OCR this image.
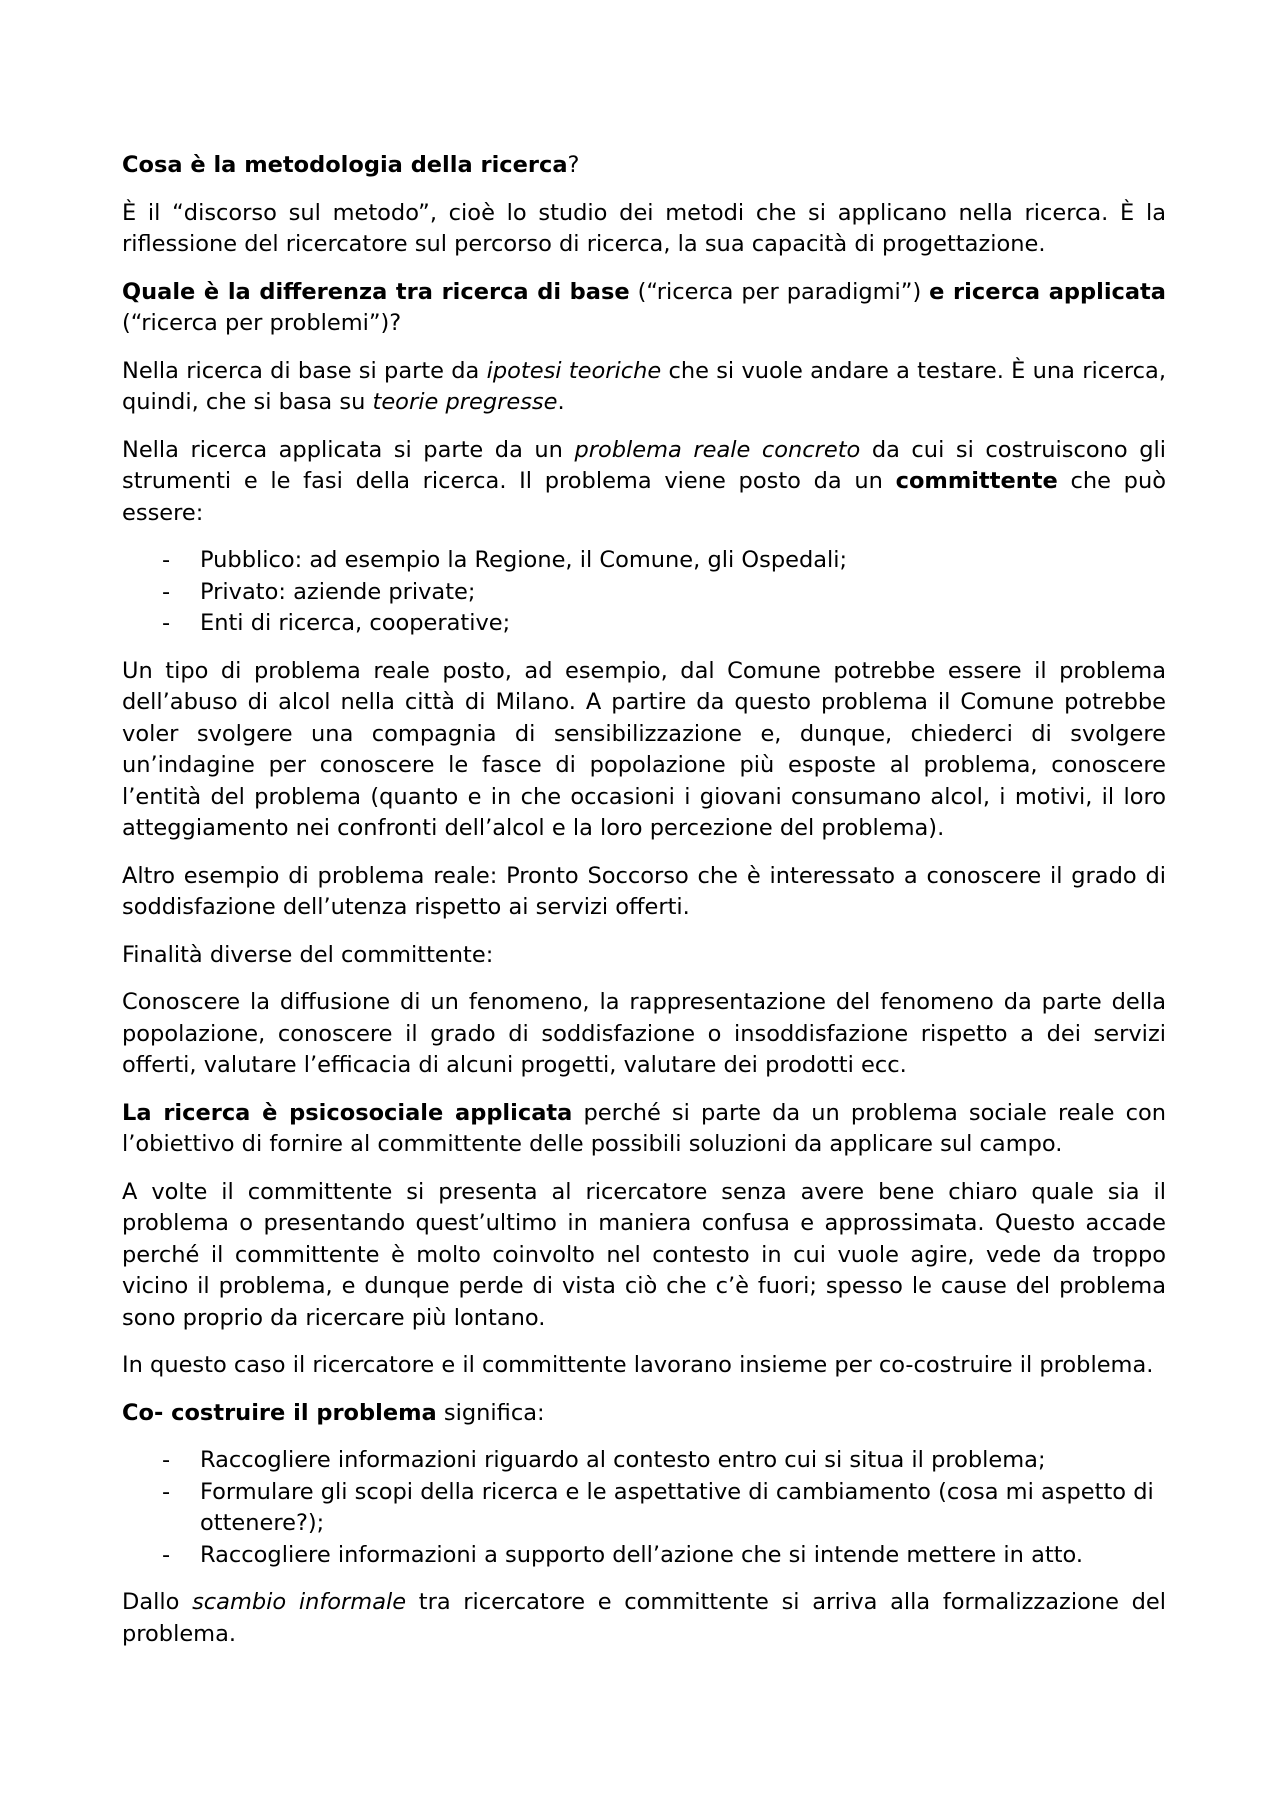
Cosa è la metodologia della ricerca?

È il “discorso sul metodo”, cioè lo studio dei metodi che si applicano nella ricerca. È la riflessione del ricercatore sul percorso di ricerca, la sua capacità di progettazione.

Quale è la differenza tra ricerca di base (“ricerca per paradigmi”) e ricerca applicata (“ricerca per problemi”)?

Nella ricerca di base si parte da ipotesi teoriche che si vuole andare a testare. È una ricerca, quindi, che si basa su teorie pregresse.

Nella ricerca applicata si parte da un problema reale concreto da cui si costruiscono gli strumenti e le fasi della ricerca. Il problema viene posto da un committente che può essere:

- Pubblico: ad esempio la Regione, il Comune, gli Ospedali;
- Privato: aziende private;
- Enti di ricerca, cooperative;

Un tipo di problema reale posto, ad esempio, dal Comune potrebbe essere il problema dell’abuso di alcol nella città di Milano. A partire da questo problema il Comune potrebbe voler svolgere una compagnia di sensibilizzazione e, dunque, chiederci di svolgere un’indagine per conoscere le fasce di popolazione più esposte al problema, conoscere l’entità del problema (quanto e in che occasioni i giovani consumano alcol, i motivi, il loro atteggiamento nei confronti dell’alcol e la loro percezione del problema).

Altro esempio di problema reale: Pronto Soccorso che è interessato a conoscere il grado di soddisfazione dell’utenza rispetto ai servizi offerti.

Finalità diverse del committente:

Conoscere la diffusione di un fenomeno, la rappresentazione del fenomeno da parte della popolazione, conoscere il grado di soddisfazione o insoddisfazione rispetto a dei servizi offerti, valutare l’efficacia di alcuni progetti, valutare dei prodotti ecc.

La ricerca è psicosociale applicata perché si parte da un problema sociale reale con l’obiettivo di fornire al committente delle possibili soluzioni da applicare sul campo.

A volte il committente si presenta al ricercatore senza avere bene chiaro quale sia il problema o presentando quest’ultimo in maniera confusa e approssimata. Questo accade perché il committente è molto coinvolto nel contesto in cui vuole agire, vede da troppo vicino il problema, e dunque perde di vista ciò che c’è fuori; spesso le cause del problema sono proprio da ricercare più lontano.

In questo caso il ricercatore e il committente lavorano insieme per co-costruire il problema.

Co- costruire il problema significa:

- Raccogliere informazioni riguardo al contesto entro cui si situa il problema;
- Formulare gli scopi della ricerca e le aspettative di cambiamento (cosa mi aspetto di ottenere?);
- Raccogliere informazioni a supporto dell’azione che si intende mettere in atto.

Dallo scambio informale tra ricercatore e committente si arriva alla formalizzazione del problema.
